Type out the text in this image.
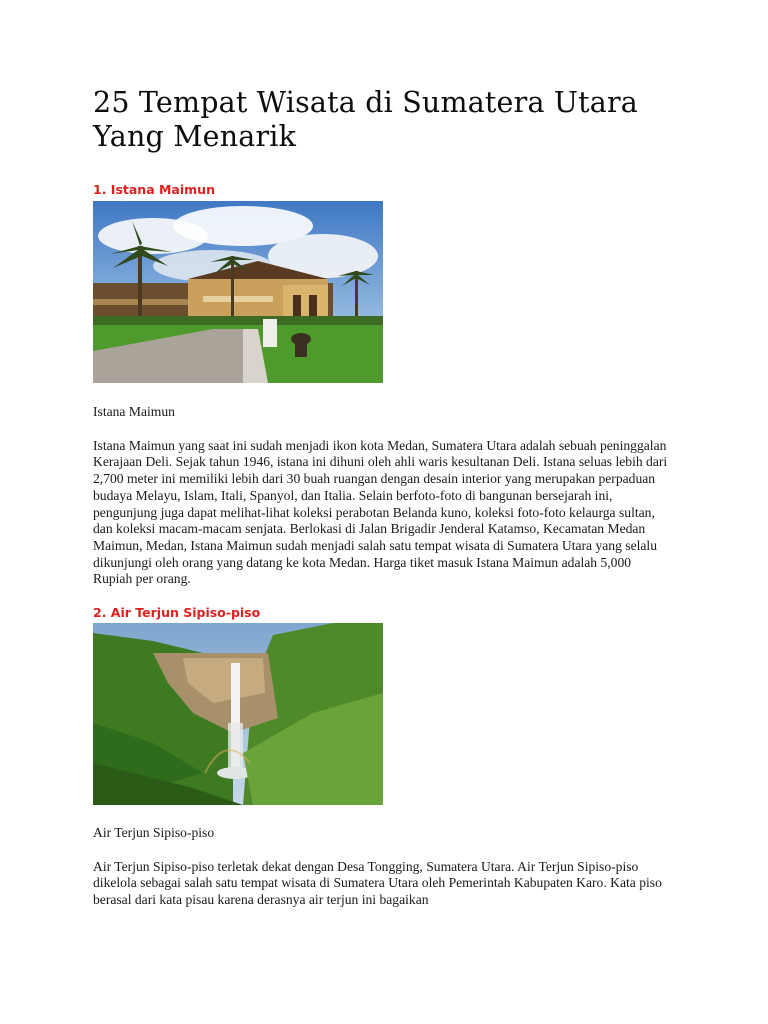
25 Tempat Wisata di Sumatera Utara Yang Menarik

1. Istana Maimun

Istana Maimun

Istana Maimun yang saat ini sudah menjadi ikon kota Medan, Sumatera Utara adalah sebuah peninggalan Kerajaan Deli. Sejak tahun 1946, istana ini dihuni oleh ahli waris kesultanan Deli. Istana seluas lebih dari 2,700 meter ini memiliki lebih dari 30 buah ruangan dengan desain interior yang merupakan perpaduan budaya Melayu, Islam, Itali, Spanyol, dan Italia. Selain berfoto-foto di bangunan bersejarah ini, pengunjung juga dapat melihat-lihat koleksi perabotan Belanda kuno, koleksi foto-foto kelaurga sultan, dan koleksi macam-macam senjata. Berlokasi di Jalan Brigadir Jenderal Katamso, Kecamatan Medan Maimun, Medan, Istana Maimun sudah menjadi salah satu tempat wisata di Sumatera Utara yang selalu dikunjungi oleh orang yang datang ke kota Medan. Harga tiket masuk Istana Maimun adalah 5,000 Rupiah per orang.

2. Air Terjun Sipiso-piso

Air Terjun Sipiso-piso

Air Terjun Sipiso-piso terletak dekat dengan Desa Tongging, Sumatera Utara. Air Terjun Sipiso-piso dikelola sebagai salah satu tempat wisata di Sumatera Utara oleh Pemerintah Kabupaten Karo. Kata piso berasal dari kata pisau karena derasnya air terjun ini bagaikan
